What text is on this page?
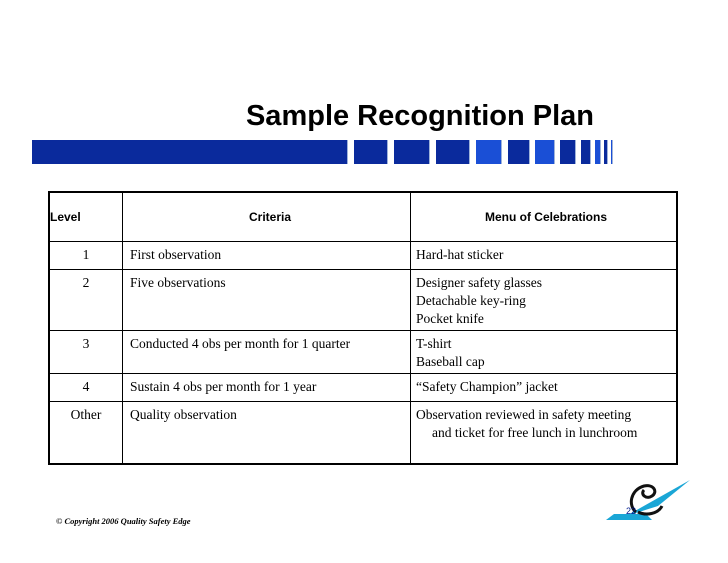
Sample Recognition Plan
Level	Criteria	Menu of Celebrations
1	First observation	Hard-hat sticker
2	Five observations	Designer safety glasses
Detachable key-ring
Pocket knife

3	Conducted 4 obs per month for 1 quarter	T-shirt
Baseball cap

4	Sustain 4 obs per month for 1 year	“Safety Champion” jacket
Other	Quality observation	Observation reviewed in safety meeting
and ticket for free lunch in lunchroom
© Copyright 2006 Quality Safety Edge
22
